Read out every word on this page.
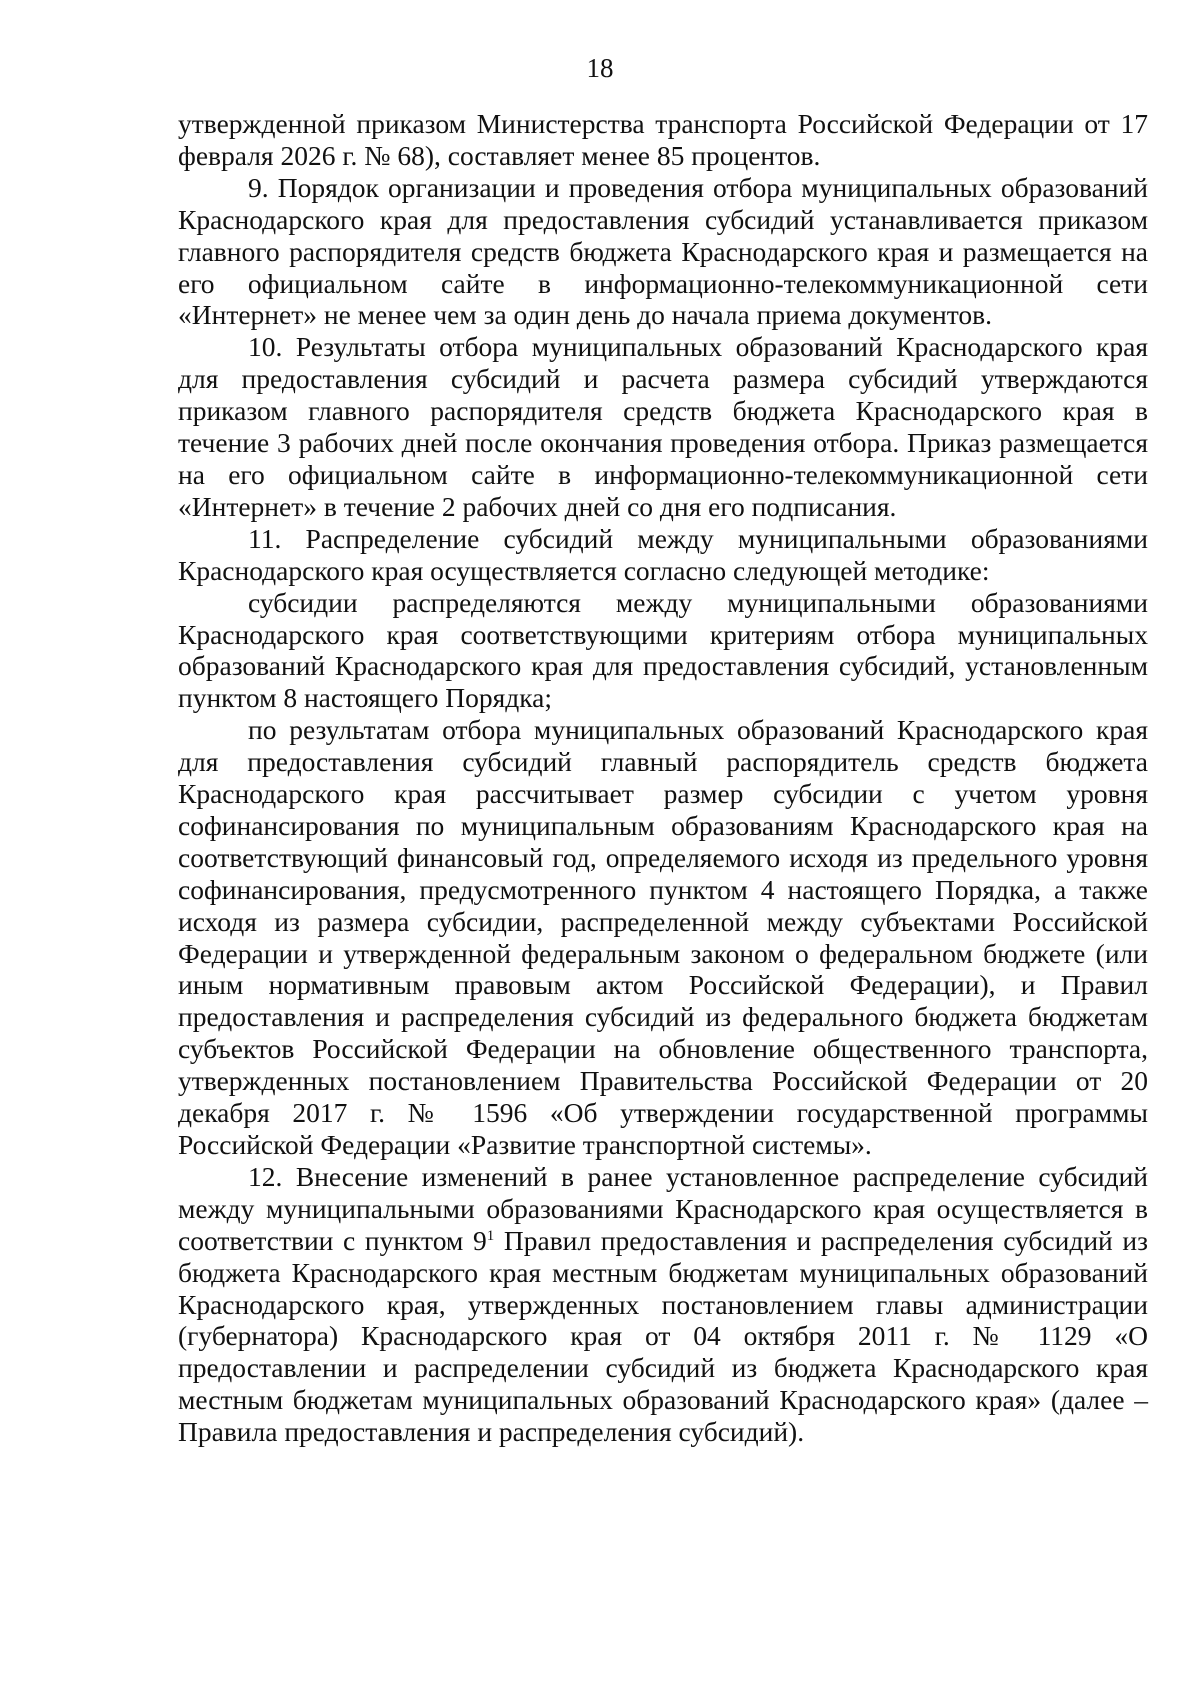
18

утвержденной приказом Министерства транспорта Российской Федерации от 17 февраля 2026 г. № 68), составляет менее 85 процентов.

9. Порядок организации и проведения отбора муниципальных образований Краснодарского края для предоставления субсидий устанавливается приказом главного распорядителя средств бюджета Краснодарского края и размещается на его официальном сайте в информационно-телекоммуникационной сети «Интернет» не менее чем за один день до начала приема документов.

10. Результаты отбора муниципальных образований Краснодарского края для предоставления субсидий и расчета размера субсидий утверждаются приказом главного распорядителя средств бюджета Краснодарского края в течение 3 рабочих дней после окончания проведения отбора. Приказ размещается на его официальном сайте в информационно-телекоммуникационной сети «Интернет» в течение 2 рабочих дней со дня его подписания.

11. Распределение субсидий между муниципальными образованиями Краснодарского края осуществляется согласно следующей методике:

субсидии распределяются между муниципальными образованиями Краснодарского края соответствующими критериям отбора муниципальных образований Краснодарского края для предоставления субсидий, установленным пунктом 8 настоящего Порядка;

по результатам отбора муниципальных образований Краснодарского края для предоставления субсидий главный распорядитель средств бюджета Краснодарского края рассчитывает размер субсидии с учетом уровня софинансирования по муниципальным образованиям Краснодарского края на соответствующий финансовый год, определяемого исходя из предельного уровня софинансирования, предусмотренного пунктом 4 настоящего Порядка, а также исходя из размера субсидии, распределенной между субъектами Российской Федерации и утвержденной федеральным законом о федеральном бюджете (или иным нормативным правовым актом Российской Федерации), и Правил предоставления и распределения субсидий из федерального бюджета бюджетам субъектов Российской Федерации на обновление общественного транспорта, утвержденных постановлением Правительства Российской Федерации от 20 декабря 2017 г. № 1596 «Об утверждении государственной программы Российской Федерации «Развитие транспортной системы».

12. Внесение изменений в ранее установленное распределение субсидий между муниципальными образованиями Краснодарского края осуществляется в соответствии с пунктом $9^1$ Правил предоставления и распределения субсидий из бюджета Краснодарского края местным бюджетам муниципальных образований Краснодарского края, утвержденных постановлением главы администрации (губернатора) Краснодарского края от 04 октября 2011 г. № 1129 «О предоставлении и распределении субсидий из бюджета Краснодарского края местным бюджетам муниципальных образований Краснодарского края» (далее – Правила предоставления и распределения субсидий).
